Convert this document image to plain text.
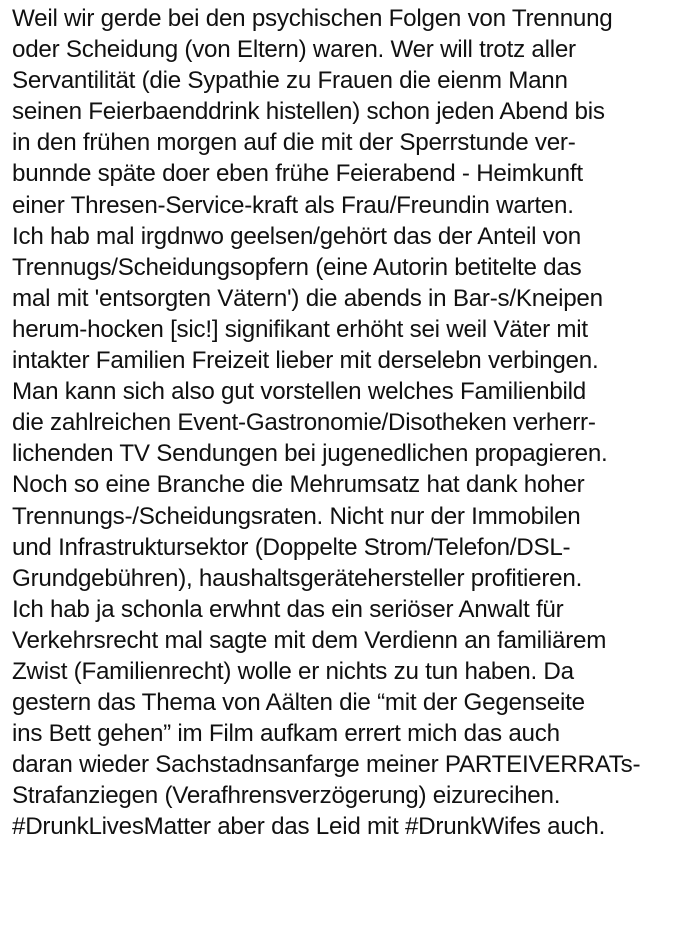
Weil wir gerde bei den psychischen Folgen von Trennung
oder Scheidung (von Eltern) waren. Wer will trotz aller
Servantilität (die Sypathie zu Frauen die eienm Mann
seinen Feierbaenddrink histellen) schon jeden Abend bis
in den frühen morgen auf die mit der Sperrstunde ver-
bunnde späte doer eben frühe Feierabend - Heimkunft
einer Thresen-Service-kraft als Frau/Freundin warten.
Ich hab mal irgdnwo geelsen/gehört das der Anteil von
Trennugs/Scheidungsopfern (eine Autorin betitelte das
mal mit 'entsorgten Vätern') die abends in Bar-s/Kneipen
herum-hocken [sic!] signifikant erhöht sei weil Väter mit
intakter Familien Freizeit lieber mit derselebn verbingen.
Man kann sich also gut vorstellen welches Familienbild
die zahlreichen Event-Gastronomie/Disotheken verherr-
lichenden TV Sendungen bei jugenedlichen propagieren.
Noch so eine Branche die Mehrumsatz hat dank hoher
Trennungs-/Scheidungsraten. Nicht nur der Immobilen
und Infrastruktursektor (Doppelte Strom/Telefon/DSL-
Grundgebühren), haushaltsgerätehersteller profitieren.
Ich hab ja schonla erwhnt das ein seriöser Anwalt für
Verkehrsrecht mal sagte mit dem Verdienn an familiärem
Zwist (Familienrecht) wolle er nichts zu tun haben. Da
gestern das Thema von Aälten die “mit der Gegenseite
ins Bett gehen” im Film aufkam errert mich das auch
daran wieder Sachstadnsanfarge meiner PARTEIVERRATs-
Strafanziegen (Verafhrensverzögerung) eizurecihen.
#DrunkLivesMatter aber das Leid mit #DrunkWifes auch.
